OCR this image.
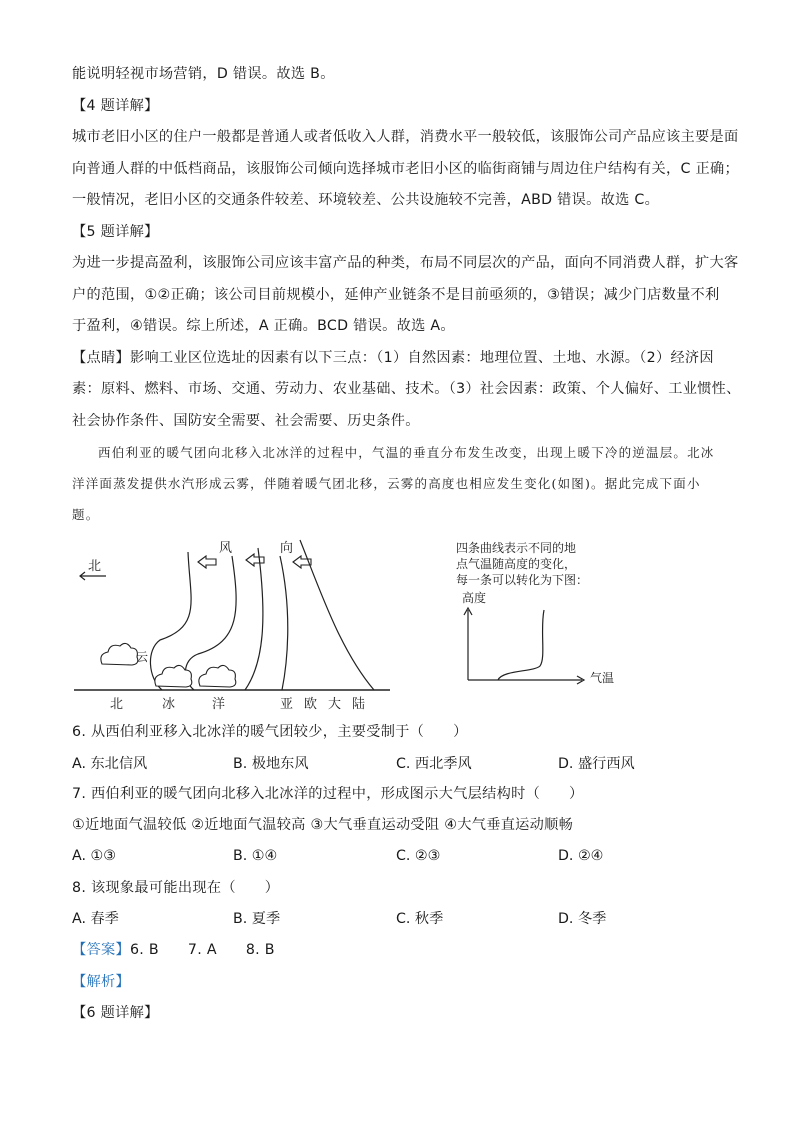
能说明轻视市场营销，D 错误。故选 B。
【4 题详解】
城市老旧小区的住户一般都是普通人或者低收入人群，消费水平一般较低，该服饰公司产品应该主要是面
向普通人群的中低档商品，该服饰公司倾向选择城市老旧小区的临街商铺与周边住户结构有关，C 正确；
一般情况，老旧小区的交通条件较差、环境较差、公共设施较不完善，ABD 错误。故选 C。
【5 题详解】
为进一步提高盈利，该服饰公司应该丰富产品的种类，布局不同层次的产品，面向不同消费人群，扩大客
户的范围，①②正确；该公司目前规模小，延伸产业链条不是目前亟须的，③错误；减少门店数量不利
于盈利，④错误。综上所述，A 正确。BCD 错误。故选 A。
【点睛】影响工业区位选址的因素有以下三点：（1）自然因素：地理位置、土地、水源。（2）经济因
素：原料、燃料、市场、交通、劳动力、农业基础、技术。（3）社会因素：政策、个人偏好、工业惯性、
社会协作条件、国防安全需要、社会需要、历史条件。
西伯利亚的暖气团向北移入北冰洋的过程中，气温的垂直分布发生改变，出现上暖下冷的逆温层。北冰洋洋面蒸发提供水汽形成云雾，伴随着暖气团北移，云雾的高度也相应发生变化(如图)。据此完成下面小题。
北
风	向
云
北	冰	洋	亚 欧 大 陆
四条曲线表示不同的地
点气温随高度的变化，
每一条可以转化为下图：
高度
气温
6. 从西伯利亚移入北冰洋的暖气团较少，主要受制于（　　）
A. 东北信风	B. 极地东风	C. 西北季风	D. 盛行西风
7. 西伯利亚的暖气团向北移入北冰洋的过程中，形成图示大气层结构时（　　）
①近地面气温较低 ②近地面气温较高 ③大气垂直运动受阻 ④大气垂直运动顺畅
A. ①③	B. ①④	C. ②③	D. ②④
8. 该现象最可能出现在（　　）
A. 春季	B. 夏季	C. 秋季	D. 冬季
【答案】6. B　　7. A　　8. B
【解析】
【6 题详解】
